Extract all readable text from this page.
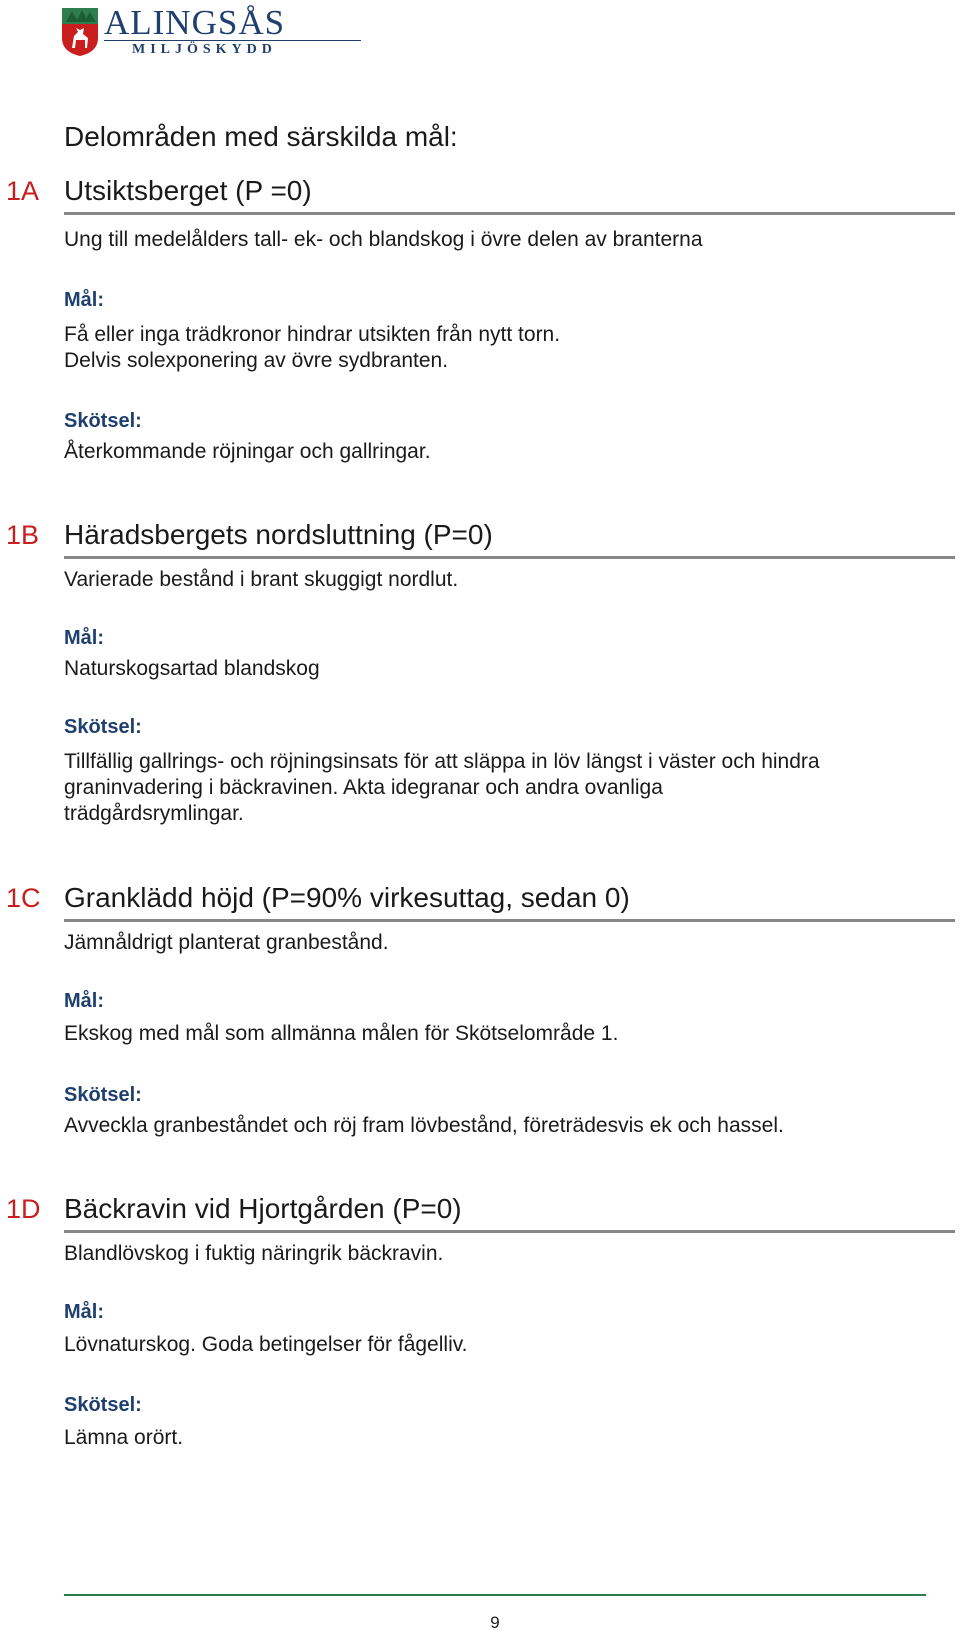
ALINGSÅS
MILJÖSKYDD
Delområden med särskilda mål:
1A Utsiktsberget (P =0)
Ung till medelålders tall- ek- och blandskog i övre delen av branterna
Mål:
Få eller inga trädkronor hindrar utsikten från nytt torn.
Delvis solexponering av övre sydbranten.
Skötsel:
Återkommande röjningar och gallringar.
1B Häradsbergets nordsluttning (P=0)
Varierade bestånd i brant skuggigt nordlut.
Mål:
Naturskogsartad blandskog
Skötsel:
Tillfällig gallrings- och röjningsinsats för att släppa in löv längst i väster och hindra
graninvadering i bäckravinen. Akta idegranar och andra ovanliga
trädgårdsrymlingar.
1C Granklädd höjd (P=90% virkesuttag, sedan 0)
Jämnåldrigt planterat granbestånd.
Mål:
Ekskog med mål som allmänna målen för Skötselområde 1.
Skötsel:
Avveckla granbeståndet och röj fram lövbestånd, företrädesvis ek och hassel.
1D Bäckravin vid Hjortgården (P=0)
Blandlövskog i fuktig näringrik bäckravin.
Mål:
Lövnaturskog. Goda betingelser för fågelliv.
Skötsel:
Lämna orört.
9
